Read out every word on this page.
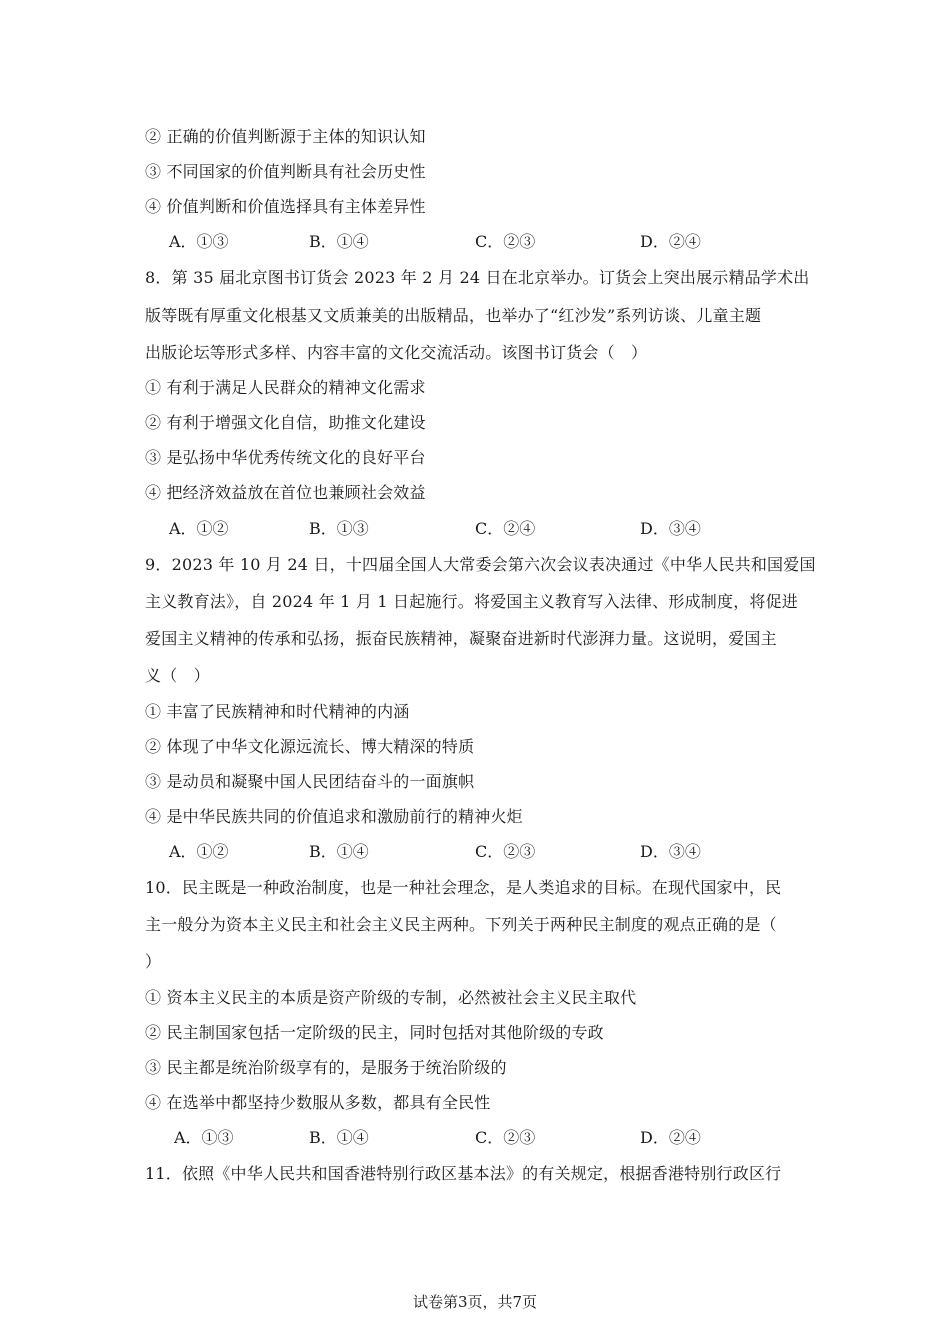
② 正确的价值判断源于主体的知识认知
③ 不同国家的价值判断具有社会历史性
④ 价值判断和价值选择具有主体差异性
A．①③	B．①④	C．②③	D．②④
8．第 35 届北京图书订货会 2023 年 2 月 24 日在北京举办。订货会上突出展示精品学术出
版等既有厚重文化根基又文质兼美的出版精品，也举办了“红沙发”系列访谈、儿童主题
出版论坛等形式多样、内容丰富的文化交流活动。该图书订货会（　）
① 有利于满足人民群众的精神文化需求
② 有利于增强文化自信，助推文化建设
③ 是弘扬中华优秀传统文化的良好平台
④ 把经济效益放在首位也兼顾社会效益
A．①②	B．①③	C．②④	D．③④
9．2023 年 10 月 24 日，十四届全国人大常委会第六次会议表决通过《中华人民共和国爱国
主义教育法》，自 2024 年 1 月 1 日起施行。将爱国主义教育写入法律、形成制度，将促进
爱国主义精神的传承和弘扬，振奋民族精神，凝聚奋进新时代澎湃力量。这说明，爱国主
义（　）
① 丰富了民族精神和时代精神的内涵
② 体现了中华文化源远流长、博大精深的特质
③ 是动员和凝聚中国人民团结奋斗的一面旗帜
④ 是中华民族共同的价值追求和激励前行的精神火炬
A．①②	B．①④	C．②③	D．③④
10．民主既是一种政治制度，也是一种社会理念，是人类追求的目标。在现代国家中，民
主一般分为资本主义民主和社会主义民主两种。下列关于两种民主制度的观点正确的是（
）
① 资本主义民主的本质是资产阶级的专制，必然被社会主义民主取代
② 民主制国家包括一定阶级的民主，同时包括对其他阶级的专政
③ 民主都是统治阶级享有的，是服务于统治阶级的
④ 在选举中都坚持少数服从多数，都具有全民性
A．①③	B．①④	C．②③	D．②④
11．依照《中华人民共和国香港特别行政区基本法》的有关规定，根据香港特别行政区行
试卷第3页，共7页
